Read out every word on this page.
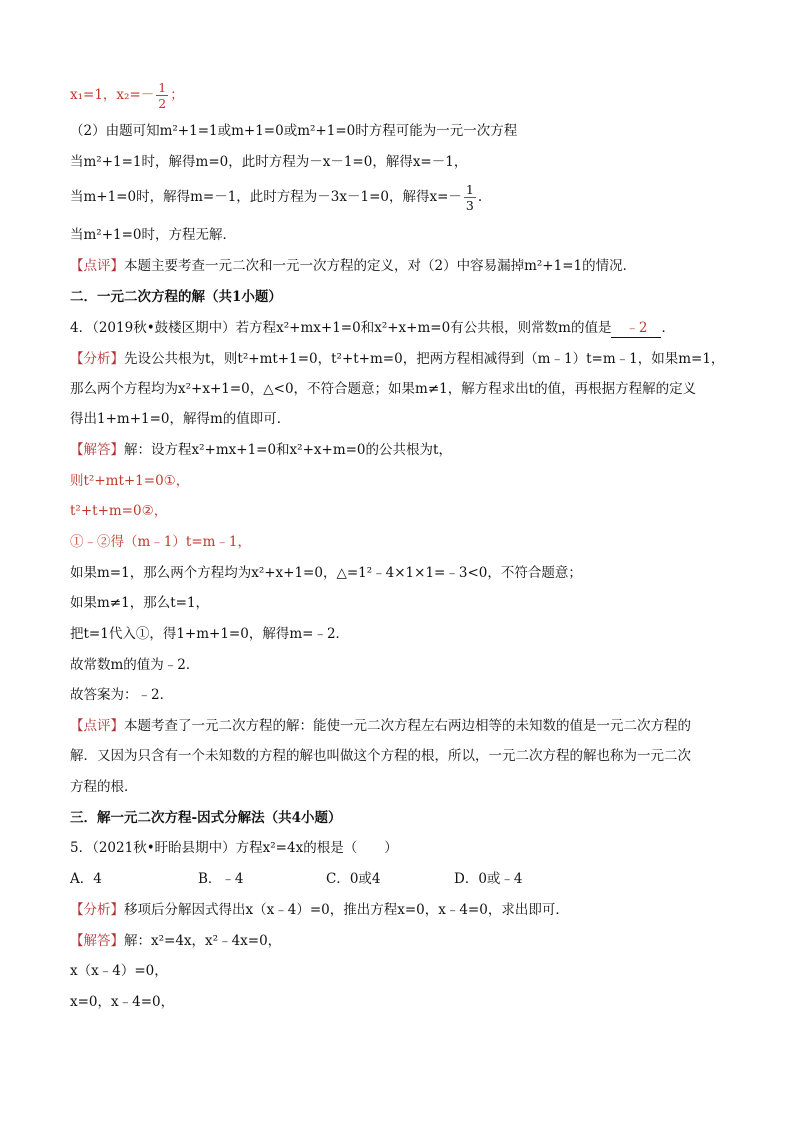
x₁=1，$x_2=- \frac{1}{2}$ ；
（2）由题可知m²+1=1或m+1=0或m²+1=0时方程可能为一元一次方程
当m²+1=1时，解得m=0，此时方程为－x－1=0，解得x=－1，
当m+1=0时，解得m=－1，此时方程为－3x－1=0，解得$x=- \frac{1}{3}$ .
当m²+1=0时，方程无解．
【点评】本题主要考查一元二次和一元一次方程的定义，对（2）中容易漏掉m²+1=1的情况．
二．一元二次方程的解（共1小题）
4．（2019秋•鼓楼区期中）若方程x²+mx+1=0和x²+x+m=0有公共根，则常数m的值是 ﹣2 ．
【分析】先设公共根为t，则t²+mt+1=0，t²+t+m=0，把两方程相减得到（m﹣1）t=m﹣1，如果m=1，
那么两个方程均为x²+x+1=0，△<0，不符合题意；如果m≠1，解方程求出t的值，再根据方程解的定义
得出1+m+1=0，解得m的值即可．
【解答】解：设方程x²+mx+1=0和x²+x+m=0的公共根为t，
则t²+mt+1=0①，
t²+t+m=0②，
①﹣②得（m﹣1）t=m﹣1，
如果m=1，那么两个方程均为x²+x+1=0，△=1²﹣4×1×1=﹣3<0，不符合题意；
如果m≠1，那么t=1，
把t=1代入①，得1+m+1=0，解得m=﹣2．
故常数m的值为﹣2．
故答案为：﹣2．
【点评】本题考查了一元二次方程的解：能使一元二次方程左右两边相等的未知数的值是一元二次方程的
解．又因为只含有一个未知数的方程的解也叫做这个方程的根，所以，一元二次方程的解也称为一元二次
方程的根．
三．解一元二次方程-因式分解法（共4小题）
5．（2021秋•盱眙县期中）方程x²=4x的根是（　　）
A．4	B．﹣4	C．0或4	D．0或﹣4
【分析】移项后分解因式得出x（x﹣4）=0，推出方程x=0，x﹣4=0，求出即可．
【解答】解：x²=4x，x²﹣4x=0，
x（x﹣4）=0，
x=0，x﹣4=0，
